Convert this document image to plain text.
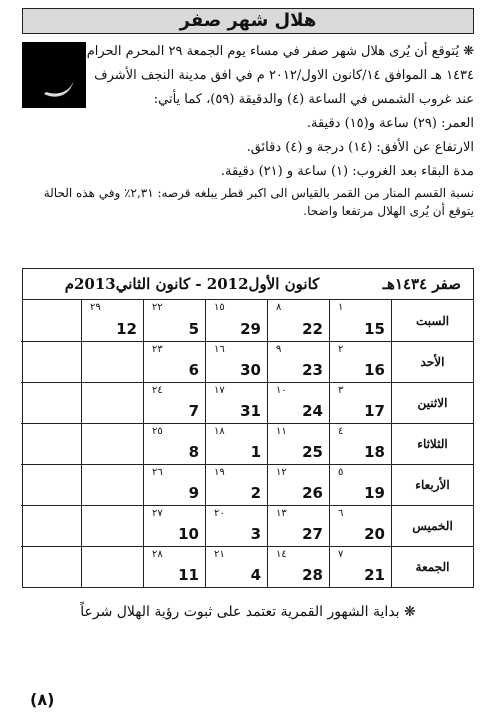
هلال شهر صفر
❋ يُتوقع أن يُرى هلال شهر صفر في مساء يوم الجمعة ٢٩ المحرم الحرام
١٤٣٤ هـ الموافق ١٤/كانون الاول/٢٠١٢ م في افق مدينة النجف الأشرف
عند غروب الشمس في الساعة (٤) والدقيقة (٥٩)، كما يأتي:
العمر: (٢٩) ساعة و(١٥) دقيقة.
الارتفاع عن الأفق: (١٤) درجة و (٤) دقائق.
مدة البقاء بعد الغروب: (١) ساعة و (٢١) دقيقة.
نسبة القسم المنار من القمر بالقياس الى اكبر قطر يبلغه قرصه: ٢,٣١٪ وفي هذه الحالة
يتوقع أن يُرى الهلال مرتفعا واضحا.
صفر ١٤٣٤هـ
كانون الأول2012 - كانون الثاني2013م
السبت
١
15
٨
22
١٥
29
٢٢
5
٢٩
12
الأحد
٢
16
٩
23
١٦
30
٢٣
6
الاثنين
٣
17
١٠
24
١٧
31
٢٤
7
الثلاثاء
٤
18
١١
25
١٨
1
٢٥
8
الأربعاء
٥
19
١٢
26
١٩
2
٢٦
9
الخميس
٦
20
١٣
27
٢٠
3
٢٧
10
الجمعة
٧
21
١٤
28
٢١
4
٢٨
11
❋ بداية الشهور القمرية تعتمد على ثبوت رؤية الهلال شرعاً
(٨)
